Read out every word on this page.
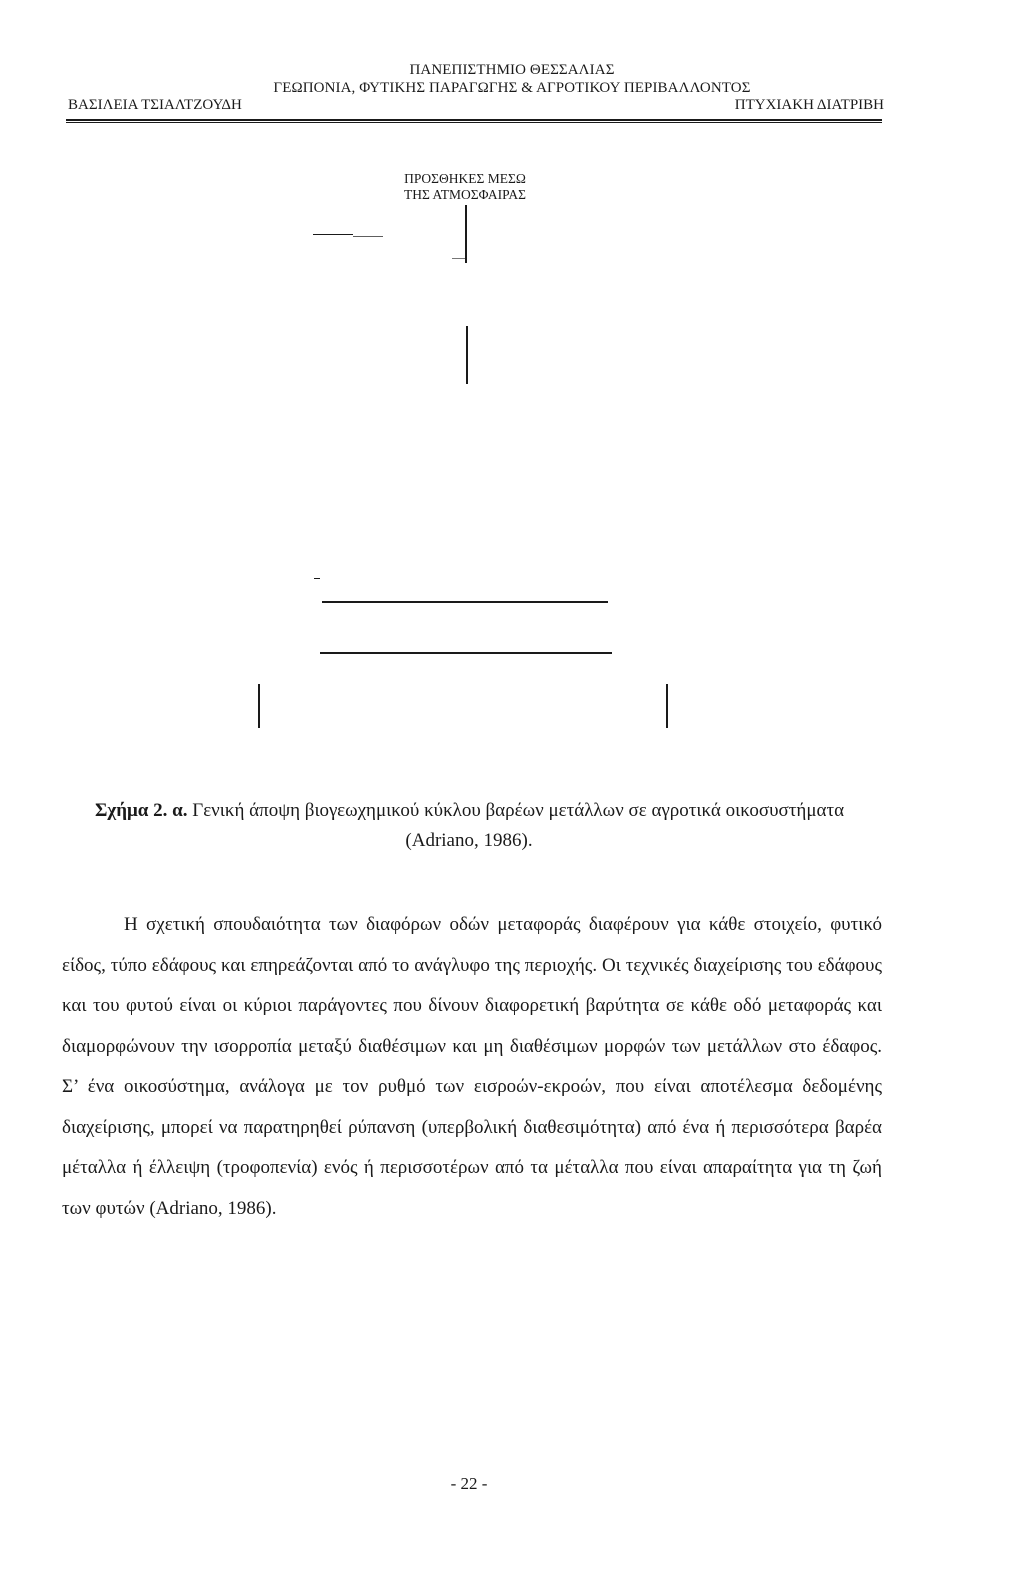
ΠΑΝΕΠΙΣΤΗΜΙΟ ΘΕΣΣΑΛΙΑΣ
ΓΕΩΠΟΝΙΑ, ΦΥΤΙΚΗΣ ΠΑΡΑΓΩΓΗΣ & ΑΓΡΟΤΙΚΟΥ ΠΕΡΙΒΑΛΛΟΝΤΟΣ
ΒΑΣΙΛΕΙΑ ΤΣΙΑΛΤΖΟΥΔΗ	ΠΤΥΧΙΑΚΗ ΔΙΑΤΡΙΒΗ
ΠΡΟΣΘΗΚΕΣ ΜΕΣΩ
ΤΗΣ ΑΤΜΟΣΦΑΙΡΑΣ
Σχήμα 2. α. Γενική άποψη βιογεωχημικού κύκλου βαρέων μετάλλων σε αγροτικά οικοσυστήματα
(Adriano, 1986).

Η σχετική σπουδαιότητα των διαφόρων οδών μεταφοράς διαφέρουν για κάθε στοιχείο, φυτικό είδος, τύπο εδάφους και επηρεάζονται από το ανάγλυφο της περιοχής. Οι τεχνικές διαχείρισης του εδάφους και του φυτού είναι οι κύριοι παράγοντες που δίνουν διαφορετική βαρύτητα σε κάθε οδό μεταφοράς και διαμορφώνουν την ισορροπία μεταξύ διαθέσιμων και μη διαθέσιμων μορφών των μετάλλων στο έδαφος. Σ’ ένα οικοσύστημα, ανάλογα με τον ρυθμό των εισροών-εκροών, που είναι αποτέλεσμα δεδομένης διαχείρισης, μπορεί να παρατηρηθεί ρύπανση (υπερβολική διαθεσιμότητα) από ένα ή περισσότερα βαρέα μέταλλα ή έλλειψη (τροφοπενία) ενός ή περισσοτέρων από τα μέταλλα που είναι απαραίτητα για τη ζωή των φυτών (Adriano, 1986).

- 22 -
